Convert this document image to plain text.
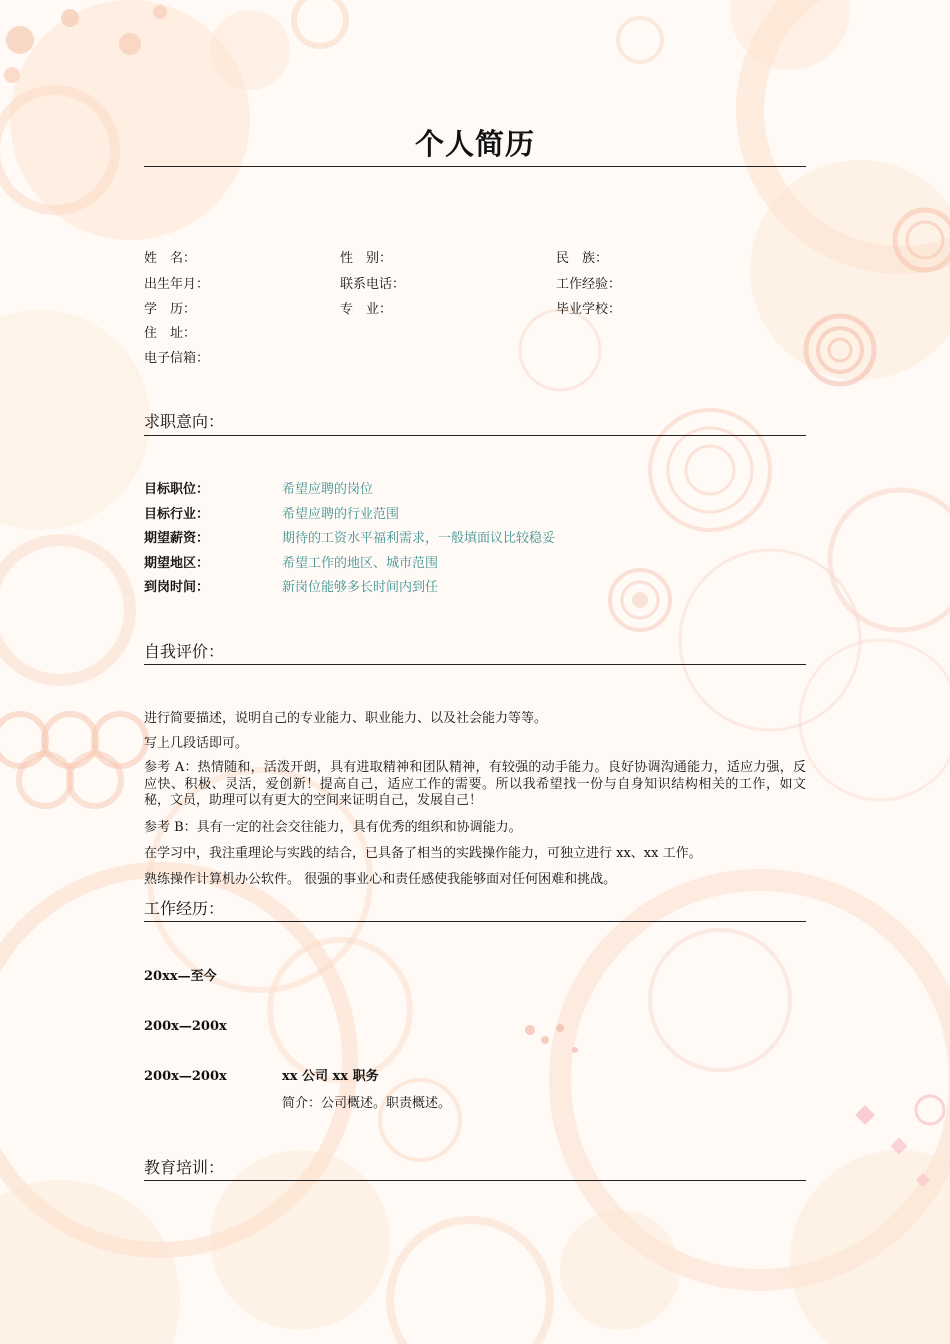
个人简历
姓　名：	性　别：	民　族：
出生年月：	联系电话：	工作经验：
学　历：	专　业：	毕业学校：
住　址：
电子信箱：
求职意向：
目标职位：	希望应聘的岗位
目标行业：	希望应聘的行业范围
期望薪资：	期待的工资水平福利需求，一般填面议比较稳妥
期望地区：	希望工作的地区、城市范围
到岗时间：	新岗位能够多长时间内到任
自我评价：
进行简要描述，说明自己的专业能力、职业能力、以及社会能力等等。
写上几段话即可。
参考 A：热情随和，活泼开朗，具有进取精神和团队精神，有较强的动手能力。良好协调沟通能力，适应力强，反应快、积极、灵活，爱创新！提高自己，适应工作的需要。所以我希望找一份与自身知识结构相关的工作，如文秘，文员，助理可以有更大的空间来证明自己，发展自己！
参考 B：具有一定的社会交往能力，具有优秀的组织和协调能力。
在学习中，我注重理论与实践的结合，已具备了相当的实践操作能力，可独立进行 xx、xx 工作。
熟练操作计算机办公软件。 很强的事业心和责任感使我能够面对任何困难和挑战。
工作经历：
20xx—至今
200x—200x
200x—200x	xx 公司 xx 职务
简介：公司概述。职责概述。
教育培训：
